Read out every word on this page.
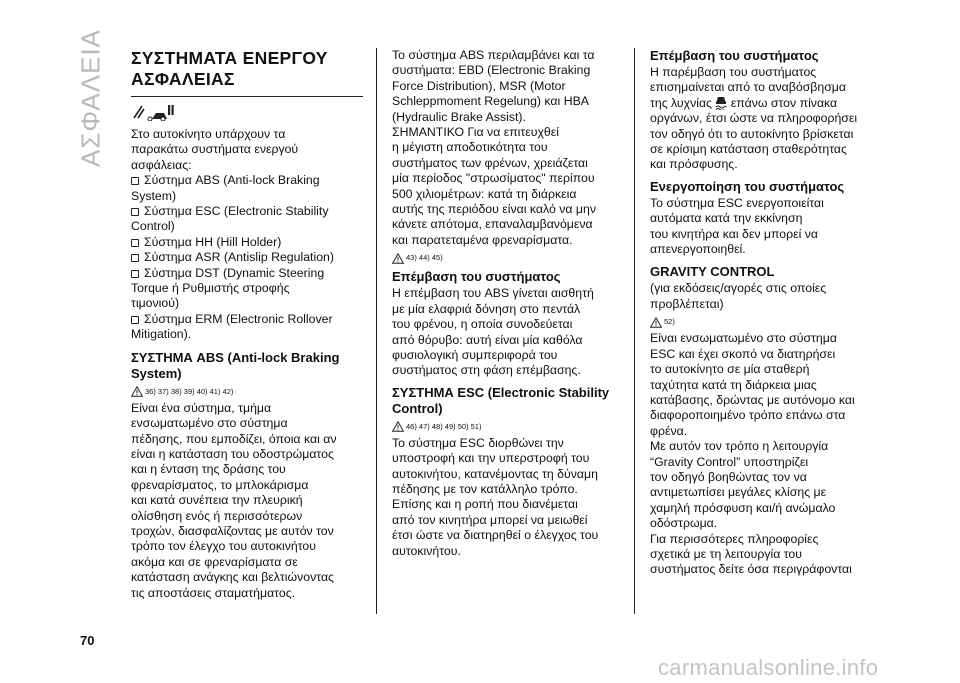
ΑΣΦΑΛΕΙΑ ΣΥΣΤΗΜΑΤΑ ΕΝΕΡΓΟΥ
ΑΣΦΑΛΕΙΑΣ
Στο αυτοκίνητο υπάρχουν τα
παρακάτω συστήματα ενεργού
ασφάλειας:
Σύστημα ABS (Anti-lock Braking
System)
Σύστημα ESC (Electronic Stability
Control)
Σύστημα HH (Hill Holder)
Σύστημα ASR (Antislip Regulation)
Σύστημα DST (Dynamic Steering
Torque ή Ρυθμιστής στροφής
τιμονιού)
Σύστημα ERM (Electronic Rollover
Mitigation).
ΣΥΣΤΗΜΑ ABS (Anti-lock Braking
System)
36) 37) 38) 39) 40) 41) 42)
Είναι ένα σύστημα, τμήμα
ενσωματωμένο στο σύστημα
πέδησης, που εμποδίζει, όποια και αν
είναι η κατάσταση του οδοστρώματος
και η ένταση της δράσης του
φρεναρίσματος, το μπλοκάρισμα
και κατά συνέπεια την πλευρική
ολίσθηση ενός ή περισσότερων
τροχών, διασφαλίζοντας με αυτόν τον
τρόπο τον έλεγχο του αυτοκινήτου
ακόμα και σε φρεναρίσματα σε
κατάσταση ανάγκης και βελτιώνοντας
τις αποστάσεις σταματήματος.
Το σύστημα ABS περιλαμβάνει και τα
συστήματα: EBD (Electronic Braking
Force Distribution), MSR (Motor
Schleppmoment Regelung) και HBA
(Hydraulic Brake Assist).
ΣΗΜΑΝΤΙΚΟ Για να επιτευχθεί
η μέγιστη αποδοτικότητα του
συστήματος των φρένων, χρειάζεται
μία περίοδος "στρωσίματος" περίπου
500 χιλιομέτρων: κατά τη διάρκεια
αυτής της περιόδου είναι καλό να μην
κάνετε απότομα, επαναλαμβανόμενα
και παρατεταμένα φρεναρίσματα.
43) 44) 45)
Επέμβαση του συστήματος
Η επέμβαση του ABS γίνεται αισθητή
με μία ελαφριά δόνηση στο πεντάλ
του φρένου, η οποία συνοδεύεται
από θόρυβο: αυτή είναι μία καθόλα
φυσιολογική συμπεριφορά του
συστήματος στη φάση επέμβασης.
ΣΥΣΤΗΜΑ ESC (Electronic Stability
Control)
46) 47) 48) 49) 50) 51)
Το σύστημα ESC διορθώνει την
υποστροφή και την υπερστροφή του
αυτοκινήτου, κατανέμοντας τη δύναμη
πέδησης με τον κατάλληλο τρόπο.
Επίσης και η ροπή που διανέμεται
από τον κινητήρα μπορεί να μειωθεί
έτσι ώστε να διατηρηθεί ο έλεγχος του
αυτοκινήτου.
Επέμβαση του συστήματος
Η παρέμβαση του συστήματος
επισημαίνεται από το αναβόσβησμα
της λυχνίας επάνω στον πίνακα
οργάνων, έτσι ώστε να πληροφορήσει
τον οδηγό ότι το αυτοκίνητο βρίσκεται
σε κρίσιμη κατάσταση σταθερότητας
και πρόσφυσης.
Ενεργοποίηση του συστήματος
Το σύστημα ESC ενεργοποιείται
αυτόματα κατά την εκκίνηση
του κινητήρα και δεν μπορεί να
απενεργοποιηθεί.
GRAVITY CONTROL
(για εκδόσεις/αγορές στις οποίες
προβλέπεται)
52)
Είναι ενσωματωμένο στο σύστημα
ESC και έχει σκοπό να διατηρήσει
το αυτοκίνητο σε μία σταθερή
ταχύτητα κατά τη διάρκεια μιας
κατάβασης, δρώντας με αυτόνομο και
διαφοροποιημένο τρόπο επάνω στα
φρένα.
Με αυτόν τον τρόπο η λειτουργία
“Gravity Control” υποστηρίζει
τον οδηγό βοηθώντας τον να
αντιμετωπίσει μεγάλες κλίσης με
χαμηλή πρόσφυση και/ή ανώμαλο
οδόστρωμα.
Για περισσότερες πληροφορίες
σχετικά με τη λειτουργία του
συστήματος δείτε όσα περιγράφονται
70
carmanualsonline.info
